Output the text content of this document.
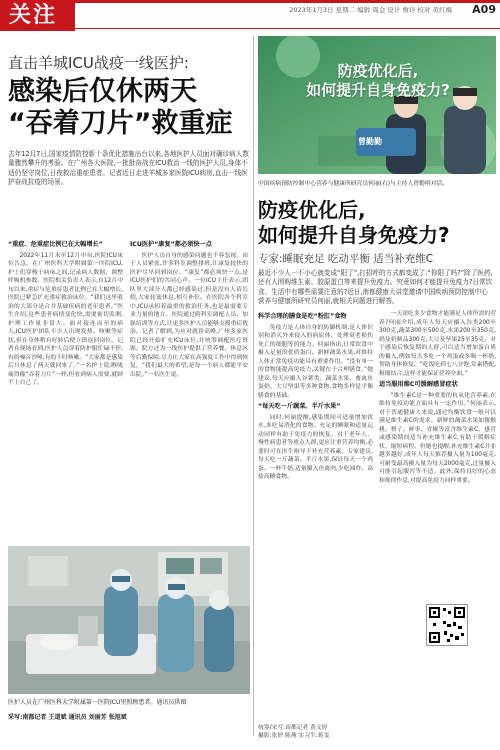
关注	2023年1月3日 星期二 编辑 周金 设计 詹玲 校对 黄红梅 A09
直击羊城ICU战疫一线医护:
感染后仅休两天
“吞着刀片”救重症
去年12月7日,国家疫情防控新十条优化措施出台以来,各地医护人员面对确诊病人数量骤然攀升的考验。在广州各大医院,一批批奋战在ICU救治一线的医护人员,身体不适仍坚守岗位,日夜救治重症患者。记者近日走进羊城多家医院ICU病房,直击一线医护奋战抗疫的场景。

“重症、危重症比例已在大幅增长”

2022年11月末至12月中旬,医院ICU床位告急。在广州医科大学附属第一医院ICU,护士们穿梭于病床之间,记录病人数据、调整呼吸机参数。医院相关负责人表示,自12月中旬以来,重症与危重症患者比例已在大幅增长,医院已紧急扩充重症救治床位。“我们这里收治的大部分是合并基础疾病的老年患者。”医生介绍,这些患者病情变化快,需要密切监测,护理工作量非常大。面对接连而至的病人,ICU医护团队不少人出现发热、咳嗽等症状,但在身体稍有好转后便立即返回岗位。记者在现场看到,医护人员穿着防护服忙碌不停,有的嗓音沙哑,有的不时咳嗽。“大家都是感染后只休息了两天就回来了。”一名护士说,喉咙痛得像“吞着刀片”一样,但看到病人需要,就顾不上自己了。

ICU医护“康复”都必须快一点

医护人员自身的感染问题也不容忽视。由于人员紧张,许多科室调整排班,让康复较快的医护尽早回到岗位。“康复”都必须快一点,是ICU医护们的共同心声。一位ICU主任表示,团队里大部分人都已经感染过,但是没有人请长假,大家轮流休息,相互补位。在医院各个科室中,ICU承担着最重的救治任务,也是最需要专业力量的地方。医院通过跨科室调配人员、加强培训等方式,让更多医护人员能够支援重症救治。记者了解到,为应对就诊高峰,广州多家医院已经开始扩充ICU床位,并统筹调配医疗资源。院方还为一线医护提供了营养餐、休息区等后勤保障,尽力让大家在高强度工作中得到恢复。“我们最大的希望,是每一个病人都能平安出院。”一名医生说。

医护人员在广州医科大学附属第一医院ICU里照顾患者。通讯员供图
采写:南都记者 王道斌 通讯员 刘丽芳 张旭斌
防疫优化后,
如何提升自身免疫力?
曾勤勤
中国疾病预防控制中心营养与健康所研究员何丽(右)与主持人曾勤明对话。
防疫优化后,
如何提升自身免疫力?
专家:睡眠充足 吃动平衡 适当补充维C
最近不少人一不小心就变成“阳了”,打招呼的方式都变成了:“你阳了吗?”除了医药,还有人围购维生素、胶原蛋白等来提升免疫力。究竟如何才能提升免疫力?日常饮食、生活中有哪些需要注意的?近日,南都健康大讲堂邀请中国疾病预防控制中心营养与健康所研究员何丽,就相关问题进行解答。

科学合理的膳食是吃“粉肛”食物

免疫力是人体自身的防御机制,是人体识别和消灭外来侵入的病原体、处理衰老损伤死亡的细胞等的能力。何丽指出,日常饮食中摄入足量的优质蛋白、新鲜蔬菜水果,对维持人体正常免疫功能具有重要作用。“没有单一的食物能提高免疫力,关键在于合理膳食。”她建议,每天应摄入谷薯类、蔬菜水果、畜禽鱼蛋奶、大豆坚果等多种食物,食物多样是平衡膳食的基础。

“每天吃一斤蔬菜、半斤水果”

同时,何丽提醒,感染期间可适量增加饮水,多吃易消化的食物。充足的睡眠和适量运动同样有助于免疫力的恢复。对于老年人、慢性病患者等重点人群,更应注重营养均衡,必要时可在医生指导下补充营养素。专家建议,每天吃一斤蔬菜、半斤水果,保证每天一个鸡蛋、一杯牛奶,适量摄入鱼禽肉,少吃油炸、高盐高糖食物。

一天需吃多少食物才能满足人体所需的营养?何丽介绍,成年人每天应摄入谷类200至300克,蔬菜300至500克,水果200至350克,奶及奶制品300克,大豆及坚果25至35克。对于感染后恢复期的人群,可以适当增加蛋白质的摄入,例如每天多吃一个鸡蛋或多喝一杯奶,帮助身体修复。“吃饭吃到七八分饱,荤素搭配,粗细结合,这样才能保证营养全面。”

适当服用维C可缓解感冒症状

“维生素C是一种重要的抗氧化营养素,在维持免疫功能方面具有一定作用。”何丽表示,对于普通健康人来说,通过均衡饮食一般可以满足维生素C的需求。新鲜的蔬菜水果如猕猴桃、橙子、鲜枣、青椒等富含维生素C。感冒或感染期间适当补充维生素C,有助于缓解症状、缩短病程。但她也提醒,补充维生素C并非越多越好,成年人每天推荐摄入量为100毫克,可耐受最高摄入量为每天2000毫克,过量摄入可能引起腹泻等不适。此外,保持良好的心态和规律作息,对提高免疫力同样重要。

统筹/采写:南都记者 黄文婷
摄影:张婷 陈燕 实习生:蒋雯
